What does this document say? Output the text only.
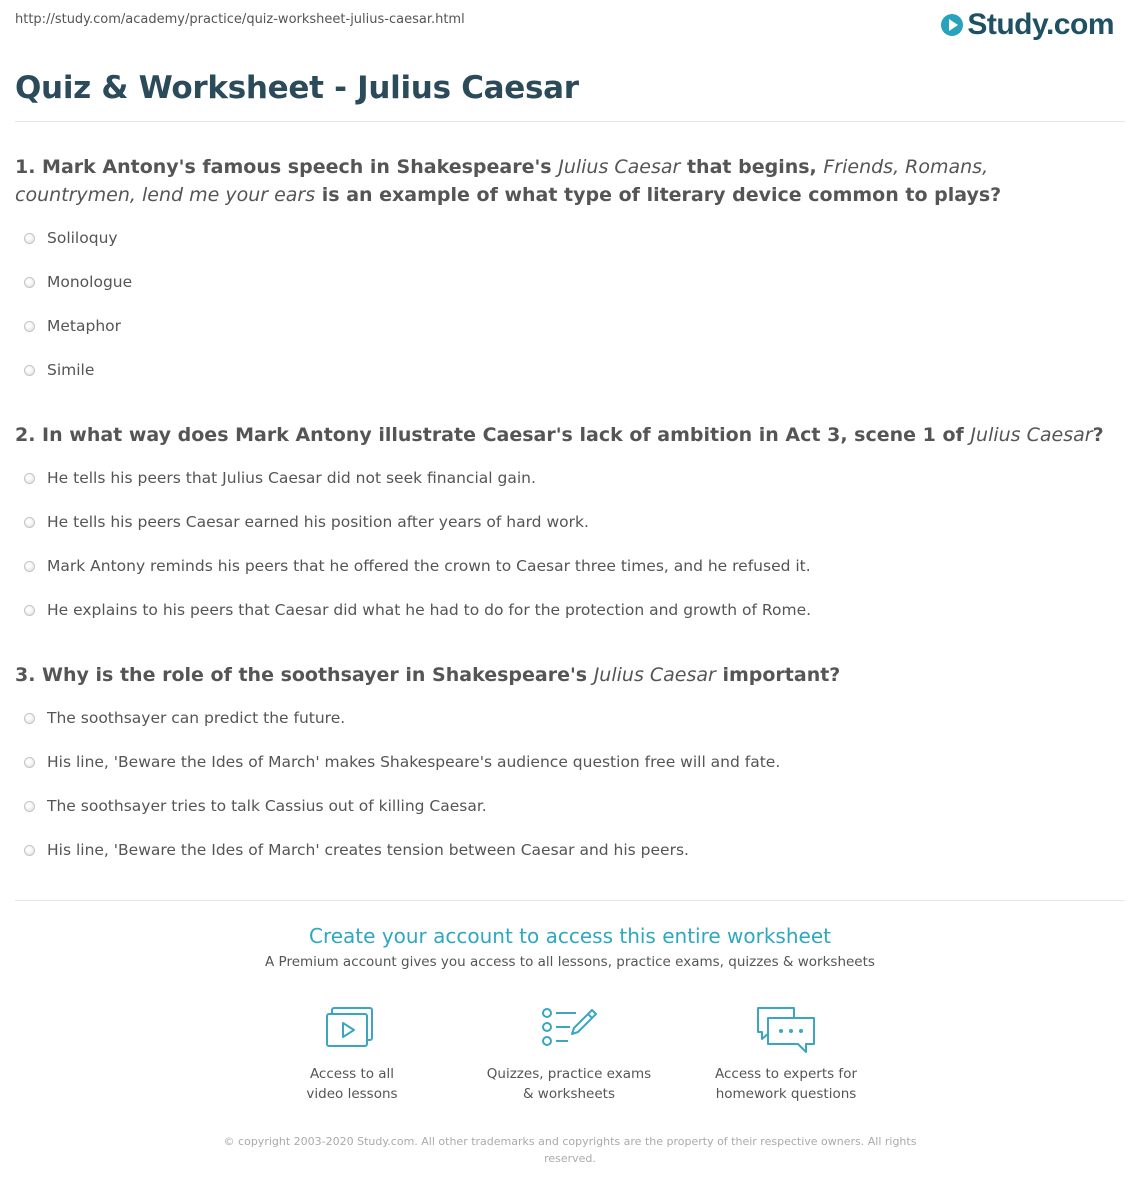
http://study.com/academy/practice/quiz-worksheet-julius-caesar.html	Study.com
Quiz & Worksheet - Julius Caesar
1. Mark Antony's famous speech in Shakespeare's Julius Caesar that begins, Friends, Romans, countrymen, lend me your ears is an example of what type of literary device common to plays?
Soliloquy
Monologue
Metaphor
Simile
2. In what way does Mark Antony illustrate Caesar's lack of ambition in Act 3, scene 1 of Julius Caesar?
He tells his peers that Julius Caesar did not seek financial gain.
He tells his peers Caesar earned his position after years of hard work.
Mark Antony reminds his peers that he offered the crown to Caesar three times, and he refused it.
He explains to his peers that Caesar did what he had to do for the protection and growth of Rome.
3. Why is the role of the soothsayer in Shakespeare's Julius Caesar important?
The soothsayer can predict the future.
His line, 'Beware the Ides of March' makes Shakespeare's audience question free will and fate.
The soothsayer tries to talk Cassius out of killing Caesar.
His line, 'Beware the Ides of March' creates tension between Caesar and his peers.
Create your account to access this entire worksheet
A Premium account gives you access to all lessons, practice exams, quizzes & worksheets
Access to all
video lessons
Quizzes, practice exams
& worksheets
Access to experts for
homework questions
© copyright 2003-2020 Study.com. All other trademarks and copyrights are the property of their respective owners. All rights reserved.
